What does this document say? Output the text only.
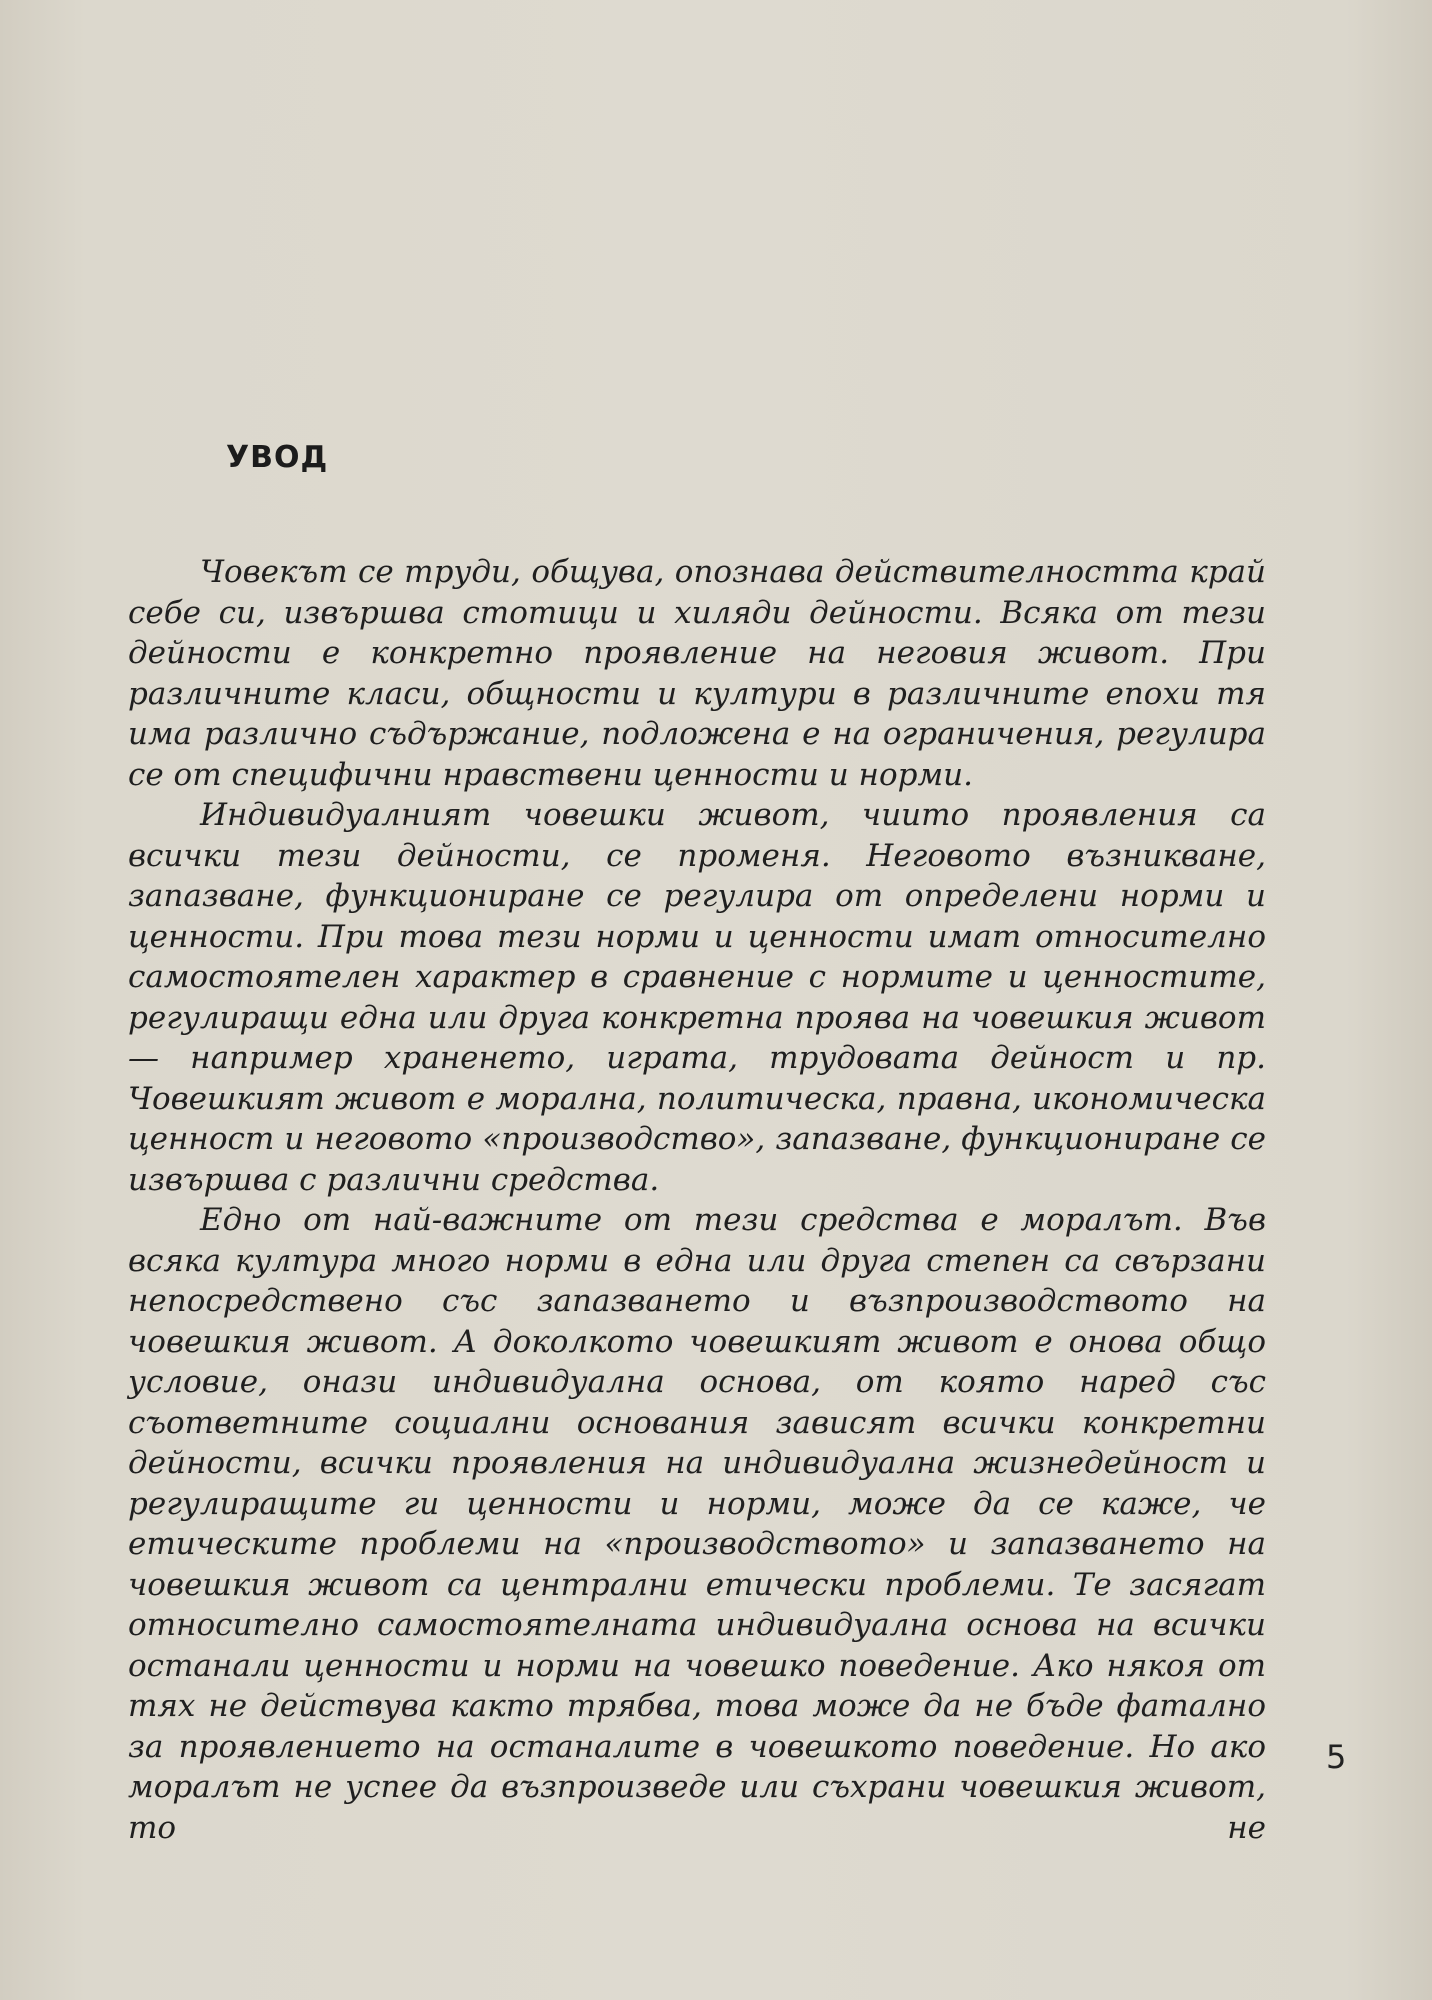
УВОД

Човекът се труди, общува, опознава действителността край себе си, извършва стотици и хиляди дейности. Всяка от тези дейности е конкретно проявление на неговия живот. При различните класи, общности и култури в различните епохи тя има различно съдържание, подложена е на ограничения, регулира се от специфични нравствени ценности и норми.

Индивидуалният човешки живот, чиито проявления са всички тези дейности, се променя. Неговото възникване, запазване, функциониране се регулира от определени норми и ценности. При това тези норми и ценности имат относително самостоятелен характер в сравнение с нормите и ценностите, регулиращи една или друга конкретна проява на човешкия живот — например храненето, играта, трудовата дейност и пр. Човешкият живот е морална, политическа, правна, икономическа ценност и неговото «производство», запазване, функциониране се извършва с различни средства.

Едно от най-важните от тези средства е моралът. Във всяка култура много норми в една или друга степен са свързани непосредствено със запазването и възпроизводството на човешкия живот. А доколкото човешкият живот е онова общо условие, онази индивидуална основа, от която наред със съответните социални основания зависят всички конкретни дейности, всички проявления на индивидуална жизнедейност и регулиращите ги ценности и норми, може да се каже, че етическите проблеми на «производството» и запазването на човешкия живот са централни етически проблеми. Те засягат относително самостоятелната индивидуална основа на всички останали ценности и норми на човешко поведение. Ако някоя от тях не действува както трябва, това може да не бъде фатално за проявлението на останалите в човешкото поведение. Но ако моралът не успее да възпроизведе или съхрани човешкия живот, то не

5
